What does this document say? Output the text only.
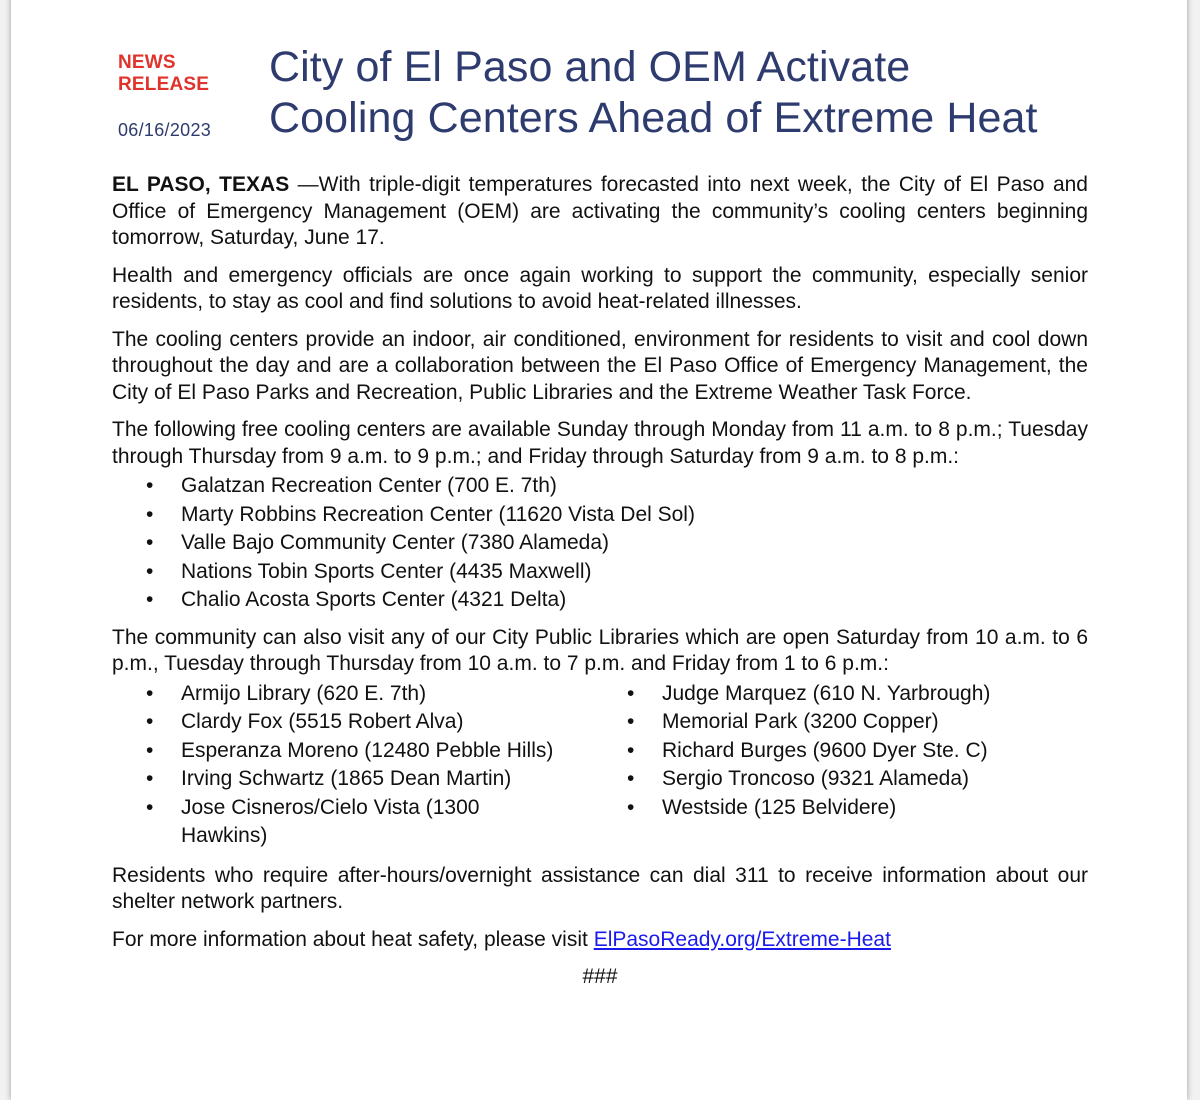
NEWS
RELEASE
06/16/2023
City of El Paso and OEM Activate
Cooling Centers Ahead of Extreme Heat

EL PASO, TEXAS —With triple-digit temperatures forecasted into next week, the City of El Paso and Office of Emergency Management (OEM) are activating the community’s cooling centers beginning tomorrow, Saturday, June 17.

Health and emergency officials are once again working to support the community, especially senior residents, to stay as cool and find solutions to avoid heat-related illnesses.

The cooling centers provide an indoor, air conditioned, environment for residents to visit and cool down throughout the day and are a collaboration between the El Paso Office of Emergency Management, the City of El Paso Parks and Recreation, Public Libraries and the Extreme Weather Task Force.

The following free cooling centers are available Sunday through Monday from 11 a.m. to 8 p.m.; Tuesday through Thursday from 9 a.m. to 9 p.m.; and Friday through Saturday from 9 a.m. to 8 p.m.:

• Galatzan Recreation Center (700 E. 7th)
• Marty Robbins Recreation Center (11620 Vista Del Sol)
• Valle Bajo Community Center (7380 Alameda)
• Nations Tobin Sports Center (4435 Maxwell)
• Chalio Acosta Sports Center (4321 Delta)

The community can also visit any of our City Public Libraries which are open Saturday from 10 a.m. to 6 p.m., Tuesday through Thursday from 10 a.m. to 7 p.m. and Friday from 1 to 6 p.m.:

• Armijo Library (620 E. 7th)
• Clardy Fox (5515 Robert Alva)
• Esperanza Moreno (12480 Pebble Hills)
• Irving Schwartz (1865 Dean Martin)
• Jose Cisneros/Cielo Vista (1300 Hawkins)
• Judge Marquez (610 N. Yarbrough)
• Memorial Park (3200 Copper)
• Richard Burges (9600 Dyer Ste. C)
• Sergio Troncoso (9321 Alameda)
• Westside (125 Belvidere)

Residents who require after-hours/overnight assistance can dial 311 to receive information about our shelter network partners.

For more information about heat safety, please visit ElPasoReady.org/Extreme-Heat

###
